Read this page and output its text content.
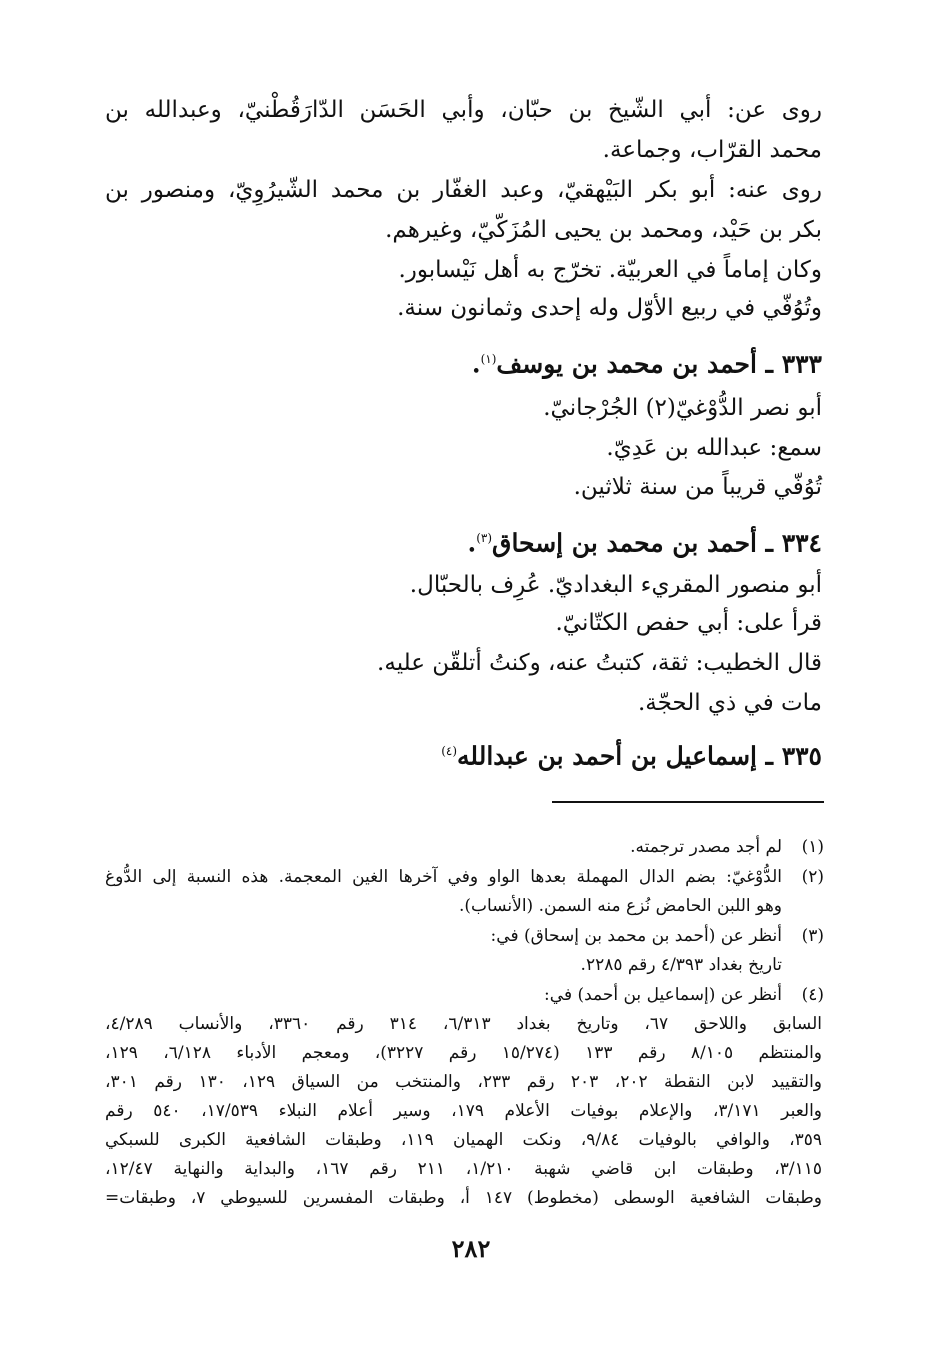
روى عن: أبي الشّيخ بن حبّان، وأبي الحَسَن الدّارَقُطْنيّ، وعبدالله بن
محمد القرّاب، وجماعة.
روى عنه: أبو بكر البَيْهقيّ، وعبد الغفّار بن محمد الشّيرُوِيّ، ومنصور بن
بكر بن حَيْد، ومحمد بن يحيى المُزَكّيّ، وغيرهم.
وكان إماماً في العربيّة. تخرّج به أهل نَيْسابور.
وتُوُفّي في ربيع الأوّل وله إحدى وثمانون سنة.
٣٣٣ ـ أحمد بن محمد بن يوسف$^{(١)}$.
أبو نصر الدُّوْغيّ(٢) الجُرْجانيّ.
سمع: عبدالله بن عَدِيّ.
تُوُفّي قريباً من سنة ثلاثين.
٣٣٤ ـ أحمد بن محمد بن إسحاق$^{(٣)}$.
أبو منصور المقريء البغداديّ. عُرِف بالحبّال.
قرأ على: أبي حفص الكتّانيّ.
قال الخطيب: ثقة، كتبتُ عنه، وكنتُ أتلقّن عليه.
مات في ذي الحجّة.
٣٣٥ ـ إسماعيل بن أحمد بن عبدالله$^{(٤)}$
(١)
لم أجد مصدر ترجمته.
(٢)
الدُّوْغيّ: بضم الدال المهملة بعدها الواو وفي آخرها الغين المعجمة. هذه النسبة إلى الدُّوغ
وهو اللبن الحامض نُزع منه السمن. (الأنساب).
(٣)
أنظر عن (أحمد بن محمد بن إسحاق) في:
تاريخ بغداد ٤/٣٩٣ رقم ٢٢٨٥.
(٤)
أنظر عن (إسماعيل بن أحمد) في:
السابق واللاحق ٦٧، وتاريخ بغداد ٦/٣١٣، ٣١٤ رقم ٣٣٦٠، والأنساب ٤/٢٨٩،
والمنتظم ٨/١٠٥ رقم ١٣٣ (١٥/٢٧٤ رقم ٣٢٢٧)، ومعجم الأدباء ٦/١٢٨، ١٢٩،
والتقييد لابن النقطة ٢٠٢، ٢٠٣ رقم ٢٣٣، والمنتخب من السياق ١٢٩، ١٣٠ رقم ٣٠١،
والعبر ٣/١٧١، والإعلام بوفيات الأعلام ١٧٩، وسير أعلام النبلاء ١٧/٥٣٩، ٥٤٠ رقم
٣٥٩، والوافي بالوفيات ٩/٨٤، ونكت الهميان ١١٩، وطبقات الشافعية الكبرى للسبكي
٣/١١٥، وطبقات ابن قاضي شهبة ١/٢١٠، ٢١١ رقم ١٦٧، والبداية والنهاية ١٢/٤٧،
وطبقات الشافعية الوسطى (مخطوط) ١٤٧ أ، وطبقات المفسرين للسيوطي ٧، وطبقات=
٢٨٢
